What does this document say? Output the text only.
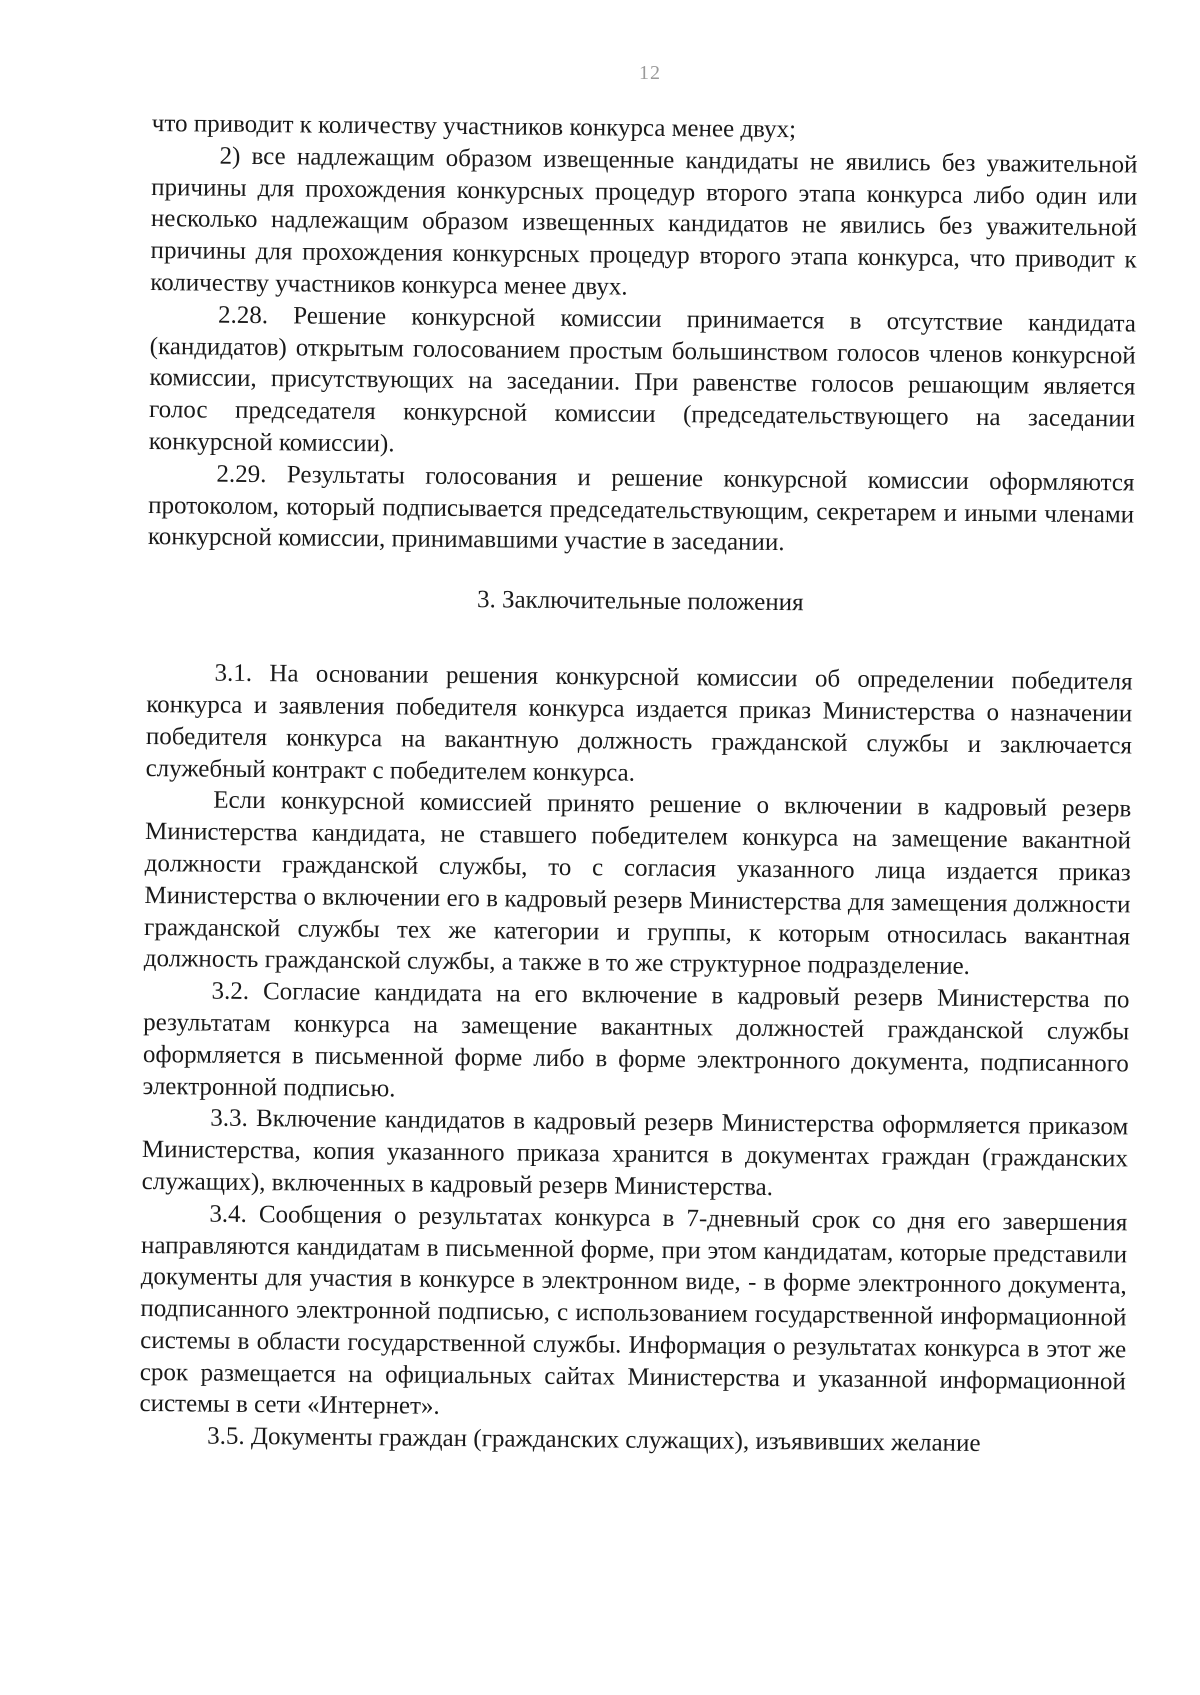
12

что приводит к количеству участников конкурса менее двух;

2) все надлежащим образом извещенные кандидаты не явились без уважительной причины для прохождения конкурсных процедур второго этапа конкурса либо один или несколько надлежащим образом извещенных кандидатов не явились без уважительной причины для прохождения конкурсных процедур второго этапа конкурса, что приводит к количеству участников конкурса менее двух.

2.28. Решение конкурсной комиссии принимается в отсутствие кандидата (кандидатов) открытым голосованием простым большинством голосов членов конкурсной комиссии, присутствующих на заседании. При равенстве голосов решающим является голос председателя конкурсной комиссии (председательствующего на заседании конкурсной комиссии).

2.29. Результаты голосования и решение конкурсной комиссии оформляются протоколом, который подписывается председательствующим, секретарем и иными членами конкурсной комиссии, принимавшими участие в заседании.

3. Заключительные положения

3.1. На основании решения конкурсной комиссии об определении победителя конкурса и заявления победителя конкурса издается приказ Министерства о назначении победителя конкурса на вакантную должность гражданской службы и заключается служебный контракт с победителем конкурса.

Если конкурсной комиссией принято решение о включении в кадровый резерв Министерства кандидата, не ставшего победителем конкурса на замещение вакантной должности гражданской службы, то с согласия указанного лица издается приказ Министерства о включении его в кадровый резерв Министерства для замещения должности гражданской службы тех же категории и группы, к которым относилась вакантная должность гражданской службы, а также в то же структурное подразделение.

3.2. Согласие кандидата на его включение в кадровый резерв Министерства по результатам конкурса на замещение вакантных должностей гражданской службы оформляется в письменной форме либо в форме электронного документа, подписанного электронной подписью.

3.3. Включение кандидатов в кадровый резерв Министерства оформляется приказом Министерства, копия указанного приказа хранится в документах граждан (гражданских служащих), включенных в кадровый резерв Министерства.

3.4. Сообщения о результатах конкурса в 7-дневный срок со дня его завершения направляются кандидатам в письменной форме, при этом кандидатам, которые представили документы для участия в конкурсе в электронном виде, - в форме электронного документа, подписанного электронной подписью, с использованием государственной информационной системы в области государственной службы. Информация о результатах конкурса в этот же срок размещается на официальных сайтах Министерства и указанной информационной системы в сети «Интернет».

3.5. Документы граждан (гражданских служащих), изъявивших желание
